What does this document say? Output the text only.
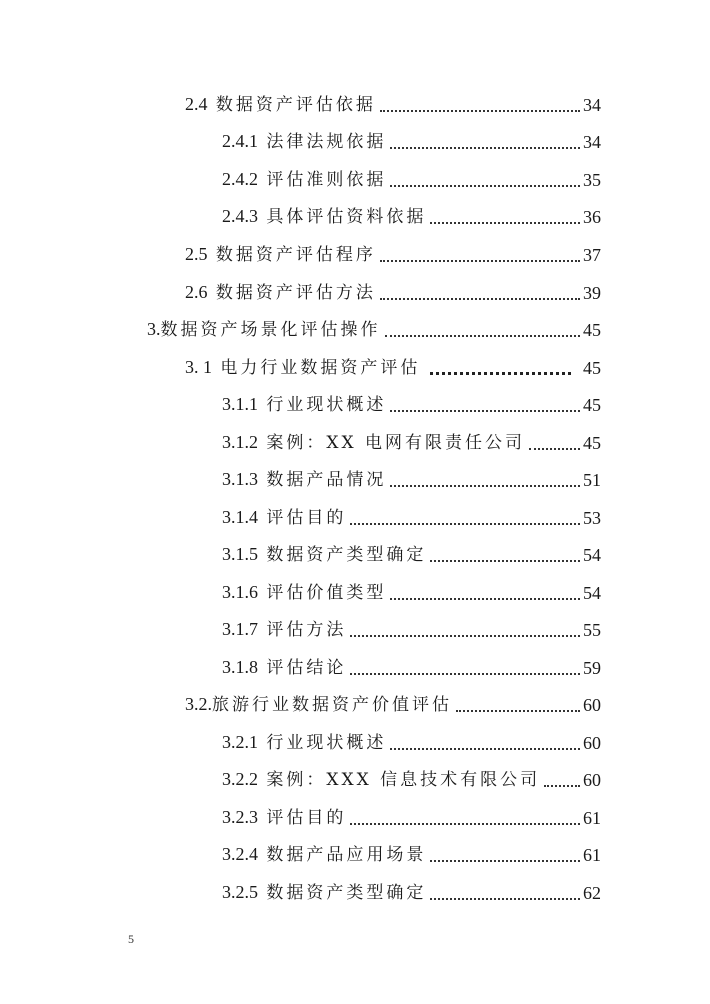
2.4 数据资产评估依据	34
2.4.1 法律法规依据	34
2.4.2 评估准则依据	35
2.4.3 具体评估资料依据	36
2.5 数据资产评估程序	37
2.6 数据资产评估方法	39
3.数据资产场景化评估操作	45
3. 1 电力行业数据资产评估	45
3.1.1 行业现状概述	45
3.1.2 案例：XX 电网有限责任公司	45
3.1.3 数据产品情况	51
3.1.4 评估目的	53
3.1.5 数据资产类型确定	54
3.1.6 评估价值类型	54
3.1.7 评估方法	55
3.1.8 评估结论	59
3.2.旅游行业数据资产价值评估	60
3.2.1 行业现状概述	60
3.2.2 案例：XXX 信息技术有限公司 60
3.2.3 评估目的	61
3.2.4 数据产品应用场景	61
3.2.5 数据资产类型确定	62
5
